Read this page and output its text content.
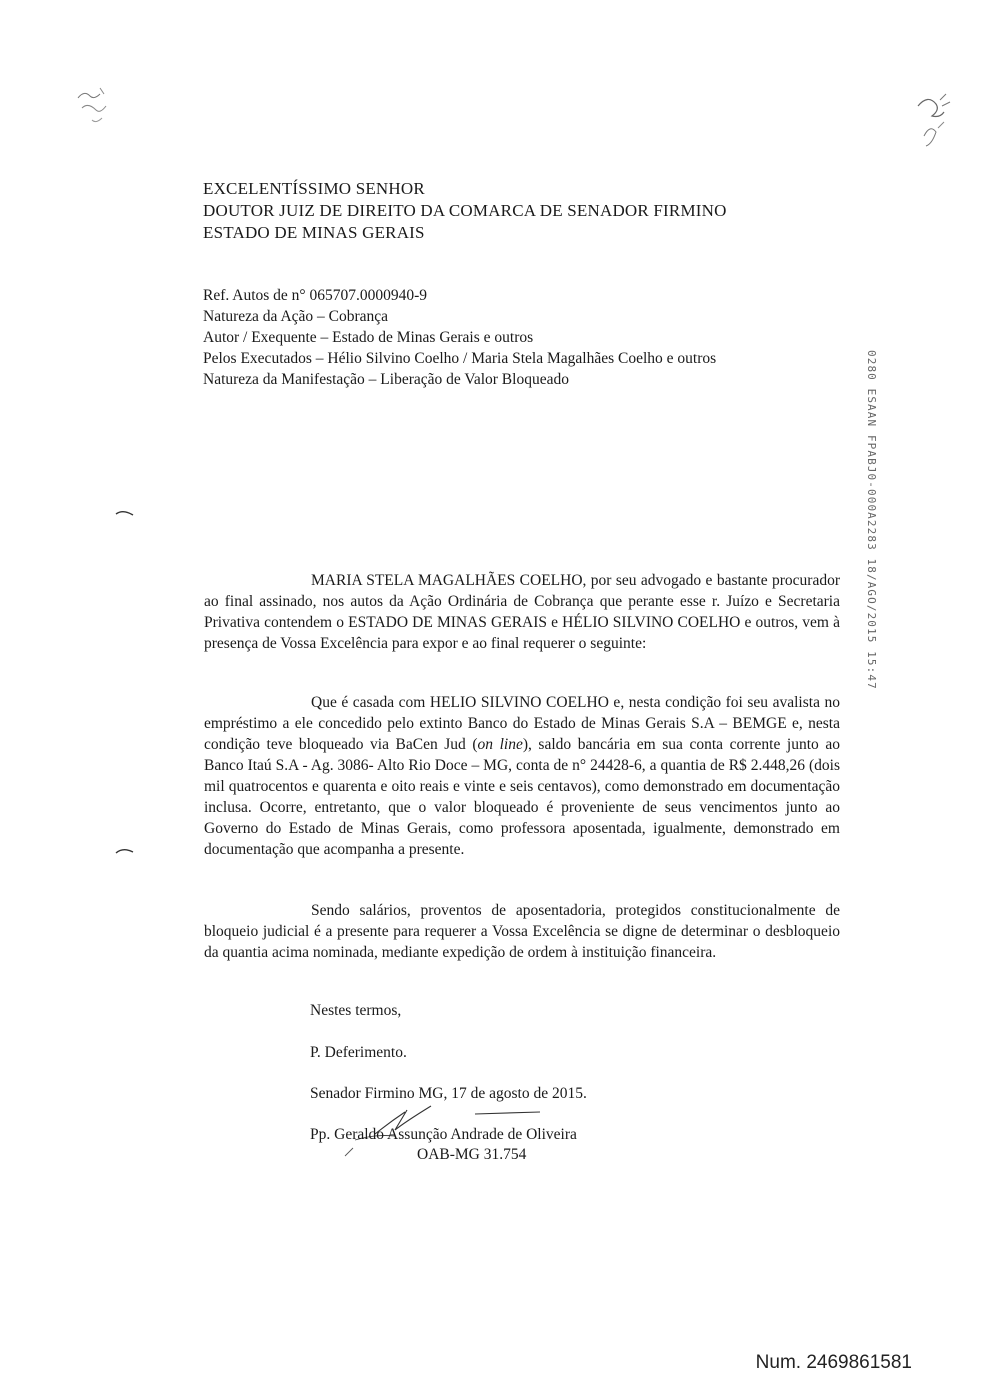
EXCELENTÍSSIMO SENHOR
DOUTOR JUIZ DE DIREITO DA COMARCA DE SENADOR FIRMINO
ESTADO DE MINAS GERAIS
Ref. Autos de n° 065707.0000940-9
Natureza da Ação – Cobrança
Autor / Exequente – Estado de Minas Gerais e outros
Pelos Executados – Hélio Silvino Coelho / Maria Stela Magalhães Coelho e outros
Natureza da Manifestação – Liberação de Valor Bloqueado
MARIA STELA MAGALHÃES COELHO, por seu advogado e bastante procurador ao final assinado, nos autos da Ação Ordinária de Cobrança que perante esse r. Juízo e Secretaria Privativa contendem o ESTADO DE MINAS GERAIS e HÉLIO SILVINO COELHO e outros, vem à presença de Vossa Excelência para expor e ao final requerer o seguinte:
Que é casada com HELIO SILVINO COELHO e, nesta condição foi seu avalista no empréstimo a ele concedido pelo extinto Banco do Estado de Minas Gerais S.A – BEMGE e, nesta condição teve bloqueado via BaCen Jud (on line), saldo bancária em sua conta corrente junto ao Banco Itaú S.A - Ag. 3086- Alto Rio Doce – MG, conta de n° 24428-6, a quantia de R$ 2.448,26 (dois mil quatrocentos e quarenta e oito reais e vinte e seis centavos), como demonstrado em documentação inclusa. Ocorre, entretanto, que o valor bloqueado é proveniente de seus vencimentos junto ao Governo do Estado de Minas Gerais, como professora aposentada, igualmente, demonstrado em documentação que acompanha a presente.
Sendo salários, proventos de aposentadoria, protegidos constitucionalmente de bloqueio judicial é a presente para requerer a Vossa Excelência se digne de determinar o desbloqueio da quantia acima nominada, mediante expedição de ordem à instituição financeira.
Nestes termos,
P. Deferimento.
Senador Firmino MG, 17 de agosto de 2015.
Pp. Geraldo Assunção Andrade de Oliveira
OAB-MG 31.754
0280 ESAAN FPABJ0-000A2283 18/AGO/2015 15:47
Num. 2469861581
